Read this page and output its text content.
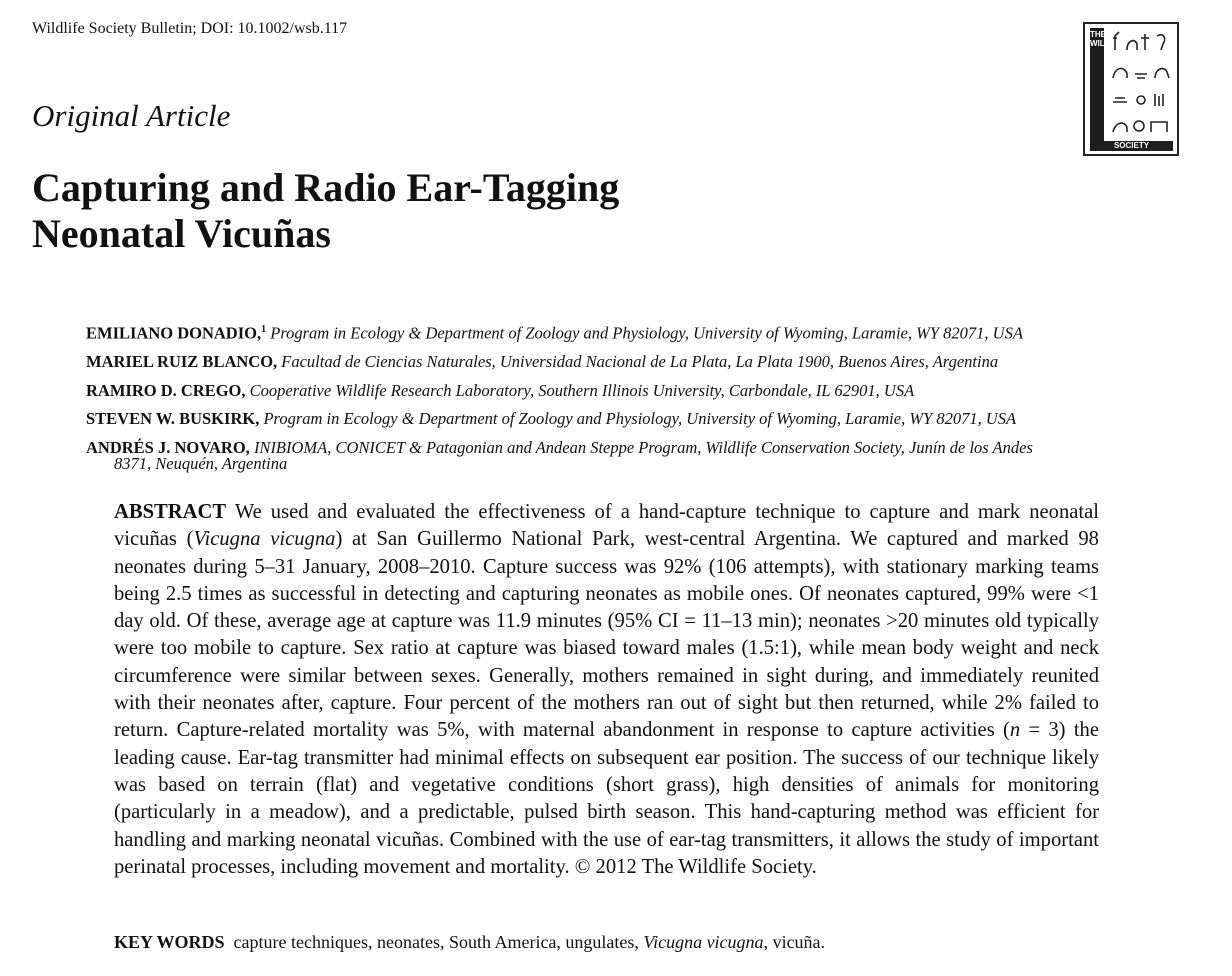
Wildlife Society Bulletin; DOI: 10.1002/wsb.117	THE
WILDLIFE
SOCIETY
Original Article
Capturing and Radio Ear-Tagging
Neonatal Vicuñas
EMILIANO DONADIO,$^1$ Program in Ecology & Department of Zoology and Physiology, University of Wyoming, Laramie, WY 82071, USA
MARIEL RUIZ BLANCO, Facultad de Ciencias Naturales, Universidad Nacional de La Plata, La Plata 1900, Buenos Aires, Argentina
RAMIRO D. CREGO, Cooperative Wildlife Research Laboratory, Southern Illinois University, Carbondale, IL 62901, USA
STEVEN W. BUSKIRK, Program in Ecology & Department of Zoology and Physiology, University of Wyoming, Laramie, WY 82071, USA
ANDRÉS J. NOVARO, INIBIOMA, CONICET & Patagonian and Andean Steppe Program, Wildlife Conservation Society, Junín de los Andes
8371, Neuquén, Argentina
ABSTRACT We used and evaluated the effectiveness of a hand-capture technique to capture and mark neonatal vicuñas (Vicugna vicugna) at San Guillermo National Park, west-central Argentina. We captured and marked 98 neonates during 5–31 January, 2008–2010. Capture success was 92% (106 attempts), with stationary marking teams being 2.5 times as successful in detecting and capturing neonates as mobile ones. Of neonates captured, 99% were <1 day old. Of these, average age at capture was 11.9 minutes (95% CI = 11–13 min); neonates >20 minutes old typically were too mobile to capture. Sex ratio at capture was biased toward males (1.5:1), while mean body weight and neck circumference were similar between sexes. Generally, mothers remained in sight during, and immediately reunited with their neonates after, capture. Four percent of the mothers ran out of sight but then returned, while 2% failed to return. Capture-related mortality was 5%, with maternal abandonment in response to capture activities (n = 3) the leading cause. Ear-tag transmitter had minimal effects on subsequent ear position. The success of our technique likely was based on terrain (flat) and vegetative conditions (short grass), high densities of animals for monitoring (particularly in a meadow), and a predictable, pulsed birth season. This hand-capturing method was efficient for handling and marking neonatal vicuñas. Combined with the use of ear-tag transmitters, it allows the study of important perinatal processes, including movement and mortality. © 2012 The Wildlife Society.
KEY WORDS capture techniques, neonates, South America, ungulates, Vicugna vicugna, vicuña.
